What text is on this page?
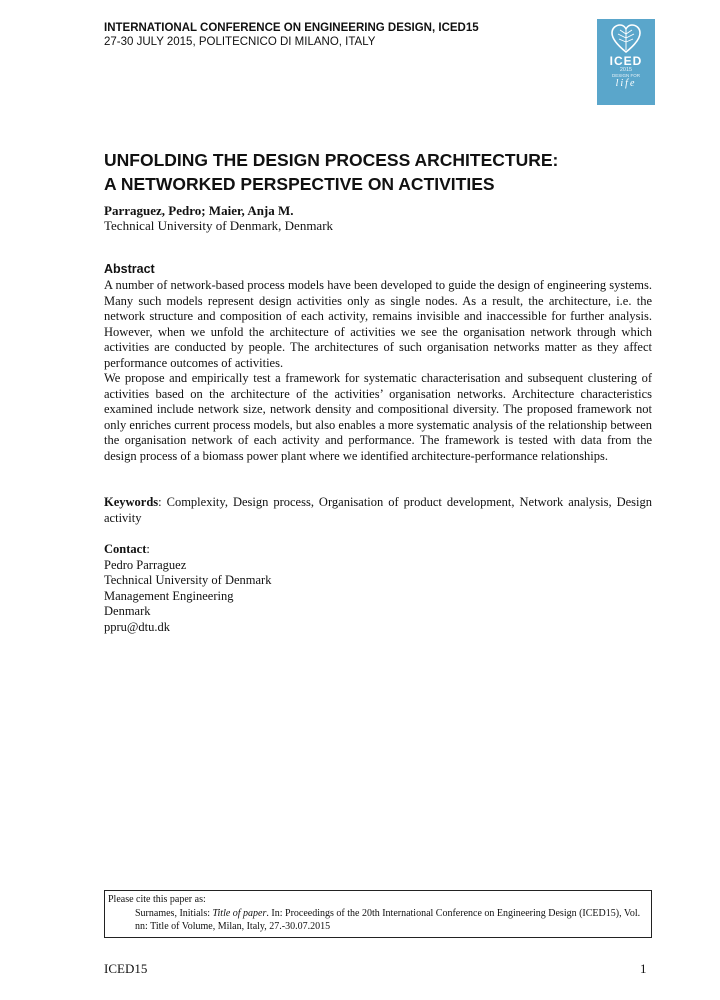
INTERNATIONAL CONFERENCE ON ENGINEERING DESIGN, ICED15
27-30 JULY 2015, POLITECNICO DI MILANO, ITALY
ICED
2015
DESIGN FOR
life
UNFOLDING THE DESIGN PROCESS ARCHITECTURE:
A NETWORKED PERSPECTIVE ON ACTIVITIES
Parraguez, Pedro; Maier, Anja M.
Technical University of Denmark, Denmark
Abstract

A number of network-based process models have been developed to guide the design of engineering systems. Many such models represent design activities only as single nodes. As a result, the architecture, i.e. the network structure and composition of each activity, remains invisible and inaccessible for further analysis. However, when we unfold the architecture of activities we see the organisation network through which activities are conducted by people. The architectures of such organisation networks matter as they affect performance outcomes of activities.

We propose and empirically test a framework for systematic characterisation and subsequent clustering of activities based on the architecture of the activities’ organisation networks. Architecture characteristics examined include network size, network density and compositional diversity. The proposed framework not only enriches current process models, but also enables a more systematic analysis of the relationship between the organisation network of each activity and performance. The framework is tested with data from the design process of a biomass power plant where we identified architecture-performance relationships.

Keywords: Complexity, Design process, Organisation of product development, Network analysis, Design activity
Contact:
Pedro Parraguez
Technical University of Denmark
Management Engineering
Denmark
ppru@dtu.dk
Please cite this paper as:
Surnames, Initials: Title of paper. In: Proceedings of the 20th International Conference on Engineering Design (ICED15), Vol. nn: Title of Volume, Milan, Italy, 27.-30.07.2015
ICED15	1
